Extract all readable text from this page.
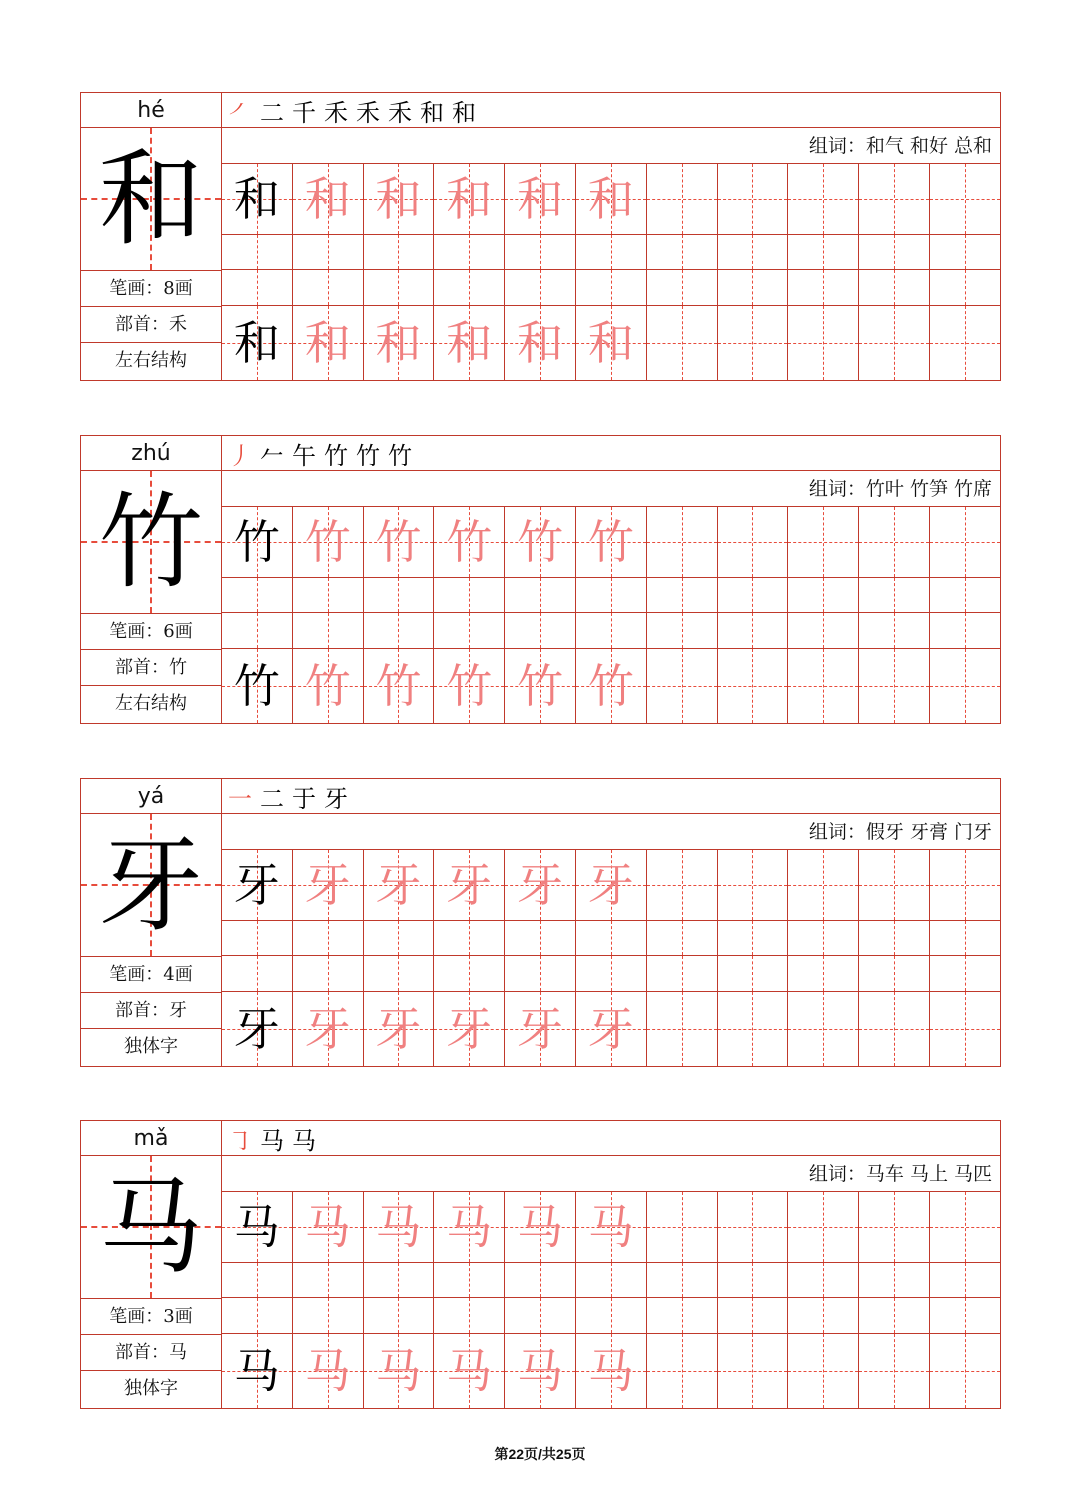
hé
和
笔画：8画
部首：禾
左右结构
㇒ 二 千 禾 禾 禾 和 和
组词：和气 和好 总和
和 和 和 和 和 和
和 和 和 和 和 和
zhú
竹
笔画：6画
部首：竹
左右结构
丿 𠂉 午 竹 竹 竹
组词：竹叶 竹笋 竹席
竹 竹 竹 竹 竹 竹
竹 竹 竹 竹 竹 竹
yá
牙
笔画：4画
部首：牙
独体字
一 二 于 牙
组词：假牙 牙膏 门牙
牙 牙 牙 牙 牙 牙
牙 牙 牙 牙 牙 牙
mǎ
马
笔画：3画
部首：马
独体字
㇆ 马 马
组词：马车 马上 马匹
马 马 马 马 马 马
马 马 马 马 马 马
第22页/共25页
